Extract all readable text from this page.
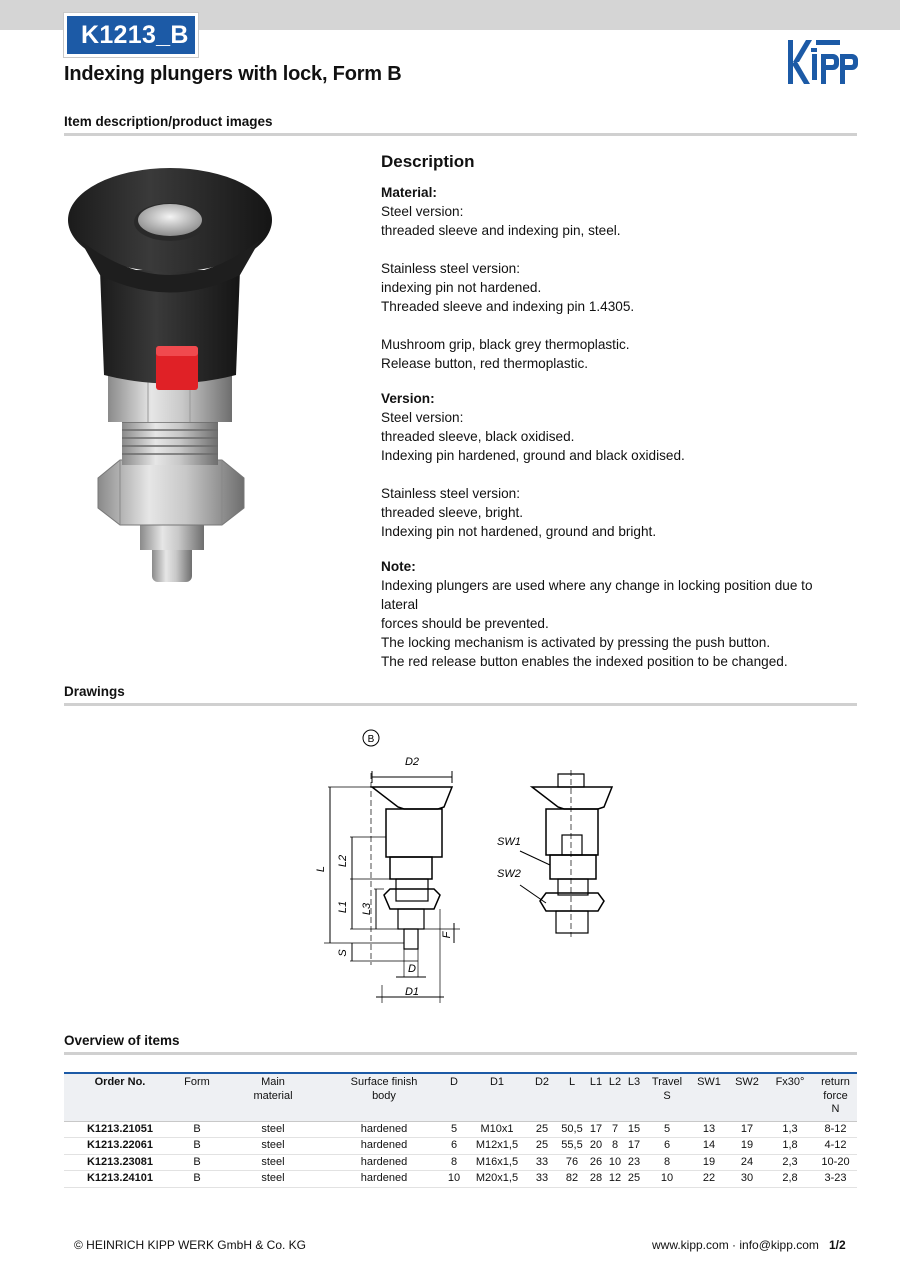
K1213_B
Indexing plungers with lock, Form B
Item description/product images
Description

Material:

Steel version:

threaded sleeve and indexing pin, steel.

Stainless steel version:

indexing pin not hardened.

Threaded sleeve and indexing pin 1.4305.

Mushroom grip, black grey thermoplastic.

Release button, red thermoplastic.

Version:

Steel version:

threaded sleeve, black oxidised.

Indexing pin hardened, ground and black oxidised.

Stainless steel version:

threaded sleeve, bright.

Indexing pin not hardened, ground and bright.

Note:

Indexing plungers are used where any change in locking position due to lateral

forces should be prevented.

The locking mechanism is activated by pressing the push button.

The red release button enables the indexed position to be changed.

Drawings
B
D2
L
L2
L1 L3
S
F
D
D1
SW1
SW2
Overview of items
Order No.	Form	Main
material	Surface finish
body	D	D1	D2	L	L1	L2	L3	Travel
S	SW1	SW2	Fx30°	return
force
N
K1213.21051	B	steel	hardened	5	M10x1	25	50,5	17	7	15	5	13	17	1,3	8-12
K1213.22061	B	steel	hardened	6	M12x1,5	25	55,5	20	8	17	6	14	19	1,8	4-12
K1213.23081	B	steel	hardened	8	M16x1,5	33	76	26	10	23	8	19	24	2,3	10-20
K1213.24101	B	steel	hardened	10	M20x1,5	33	82	28	12	25	10	22	30	2,8	3-23
© HEINRICH KIPP WERK GmbH & Co. KG	www.kipp.com · info@kipp.com 1/2
